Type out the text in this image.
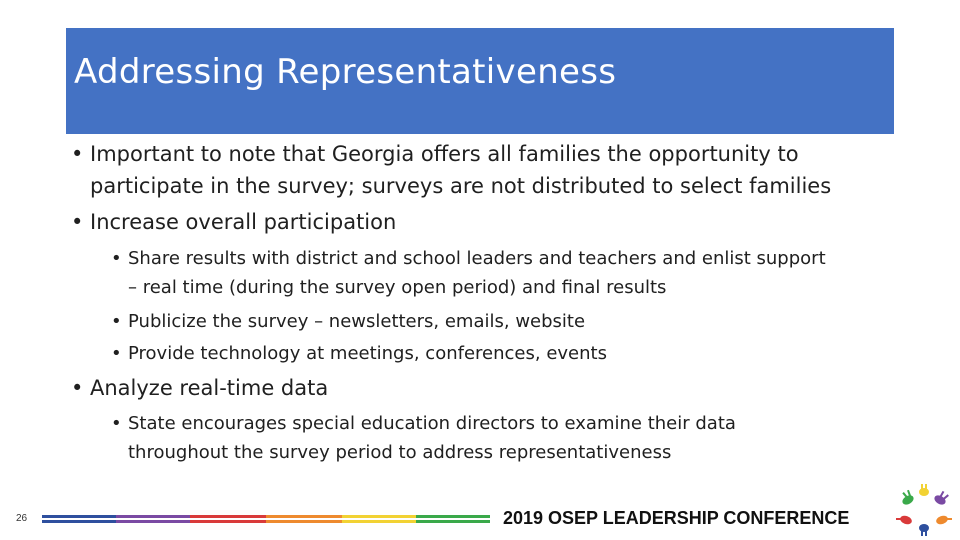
Addressing Representativeness

• Important to note that Georgia offers all families the opportunity to

participate in the survey; surveys are not distributed to select families

• Increase overall participation

• Share results with district and school leaders and teachers and enlist support

– real time (during the survey open period) and final results

• Publicize the survey – newsletters, emails, website

• Provide technology at meetings, conferences, events

• Analyze real-time data

• State encourages special education directors to examine their data

throughout the survey period to address representativeness

26	2019 OSEP LEADERSHIP CONFERENCE
